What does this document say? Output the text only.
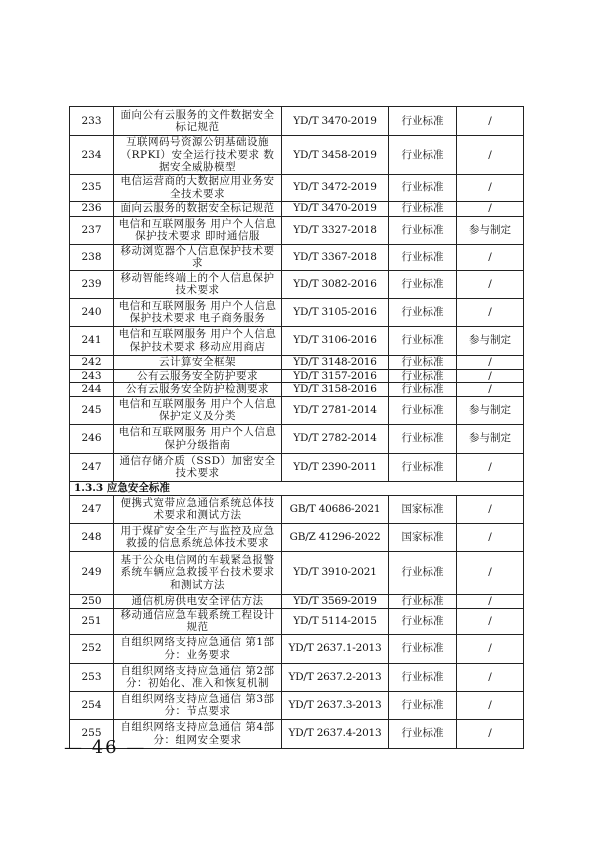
233	面向公有云服务的文件数据安全标记规范	YD/T 3470-2019	行业标准	/
234	互联网码号资源公钥基础设施（RPKI）安全运行技术要求 数据安全威胁模型	YD/T 3458-2019	行业标准	/
235	电信运营商的大数据应用业务安全技术要求	YD/T 3472-2019	行业标准	/
236	面向云服务的数据安全标记规范	YD/T 3470-2019	行业标准	/
237	电信和互联网服务 用户个人信息保护技术要求 即时通信服	YD/T 3327-2018	行业标准	参与制定
238	移动浏览器个人信息保护技术要求	YD/T 3367-2018	行业标准	/
239	移动智能终端上的个人信息保护技术要求	YD/T 3082-2016	行业标准	/
240	电信和互联网服务 用户个人信息保护技术要求 电子商务服务	YD/T 3105-2016	行业标准	/
241	电信和互联网服务 用户个人信息保护技术要求 移动应用商店	YD/T 3106-2016	行业标准	参与制定
242	云计算安全框架	YD/T 3148-2016	行业标准	/
243	公有云服务安全防护要求	YD/T 3157-2016	行业标准	/
244	公有云服务安全防护检测要求	YD/T 3158-2016	行业标准	/
245	电信和互联网服务 用户个人信息保护定义及分类	YD/T 2781-2014	行业标准	参与制定
246	电信和互联网服务 用户个人信息保护分级指南	YD/T 2782-2014	行业标准	参与制定
247	通信存储介质（SSD）加密安全技术要求	YD/T 2390-2011	行业标准	/
1.3.3 应急安全标准				
247	便携式宽带应急通信系统总体技术要求和测试方法	GB/T 40686-2021	国家标准	/
248	用于煤矿安全生产与监控及应急救援的信息系统总体技术要求	GB/Z 41296-2022	国家标准	/
249	基于公众电信网的车载紧急报警系统车辆应急救援平台技术要求和测试方法	YD/T 3910-2021	行业标准	/
250	通信机房供电安全评估方法	YD/T 3569-2019	行业标准	/
251	移动通信应急车载系统工程设计规范	YD/T 5114-2015	行业标准	/
252	自组织网络支持应急通信 第1部分：业务要求	YD/T 2637.1-2013	行业标准	/
253	自组织网络支持应急通信 第2部分：初始化、准入和恢复机制	YD/T 2637.2-2013	行业标准	/
254	自组织网络支持应急通信 第3部分：节点要求	YD/T 2637.3-2013	行业标准	/
255	自组织网络支持应急通信 第4部分：组网安全要求	YD/T 2637.4-2013	行业标准	/
— 46 —
